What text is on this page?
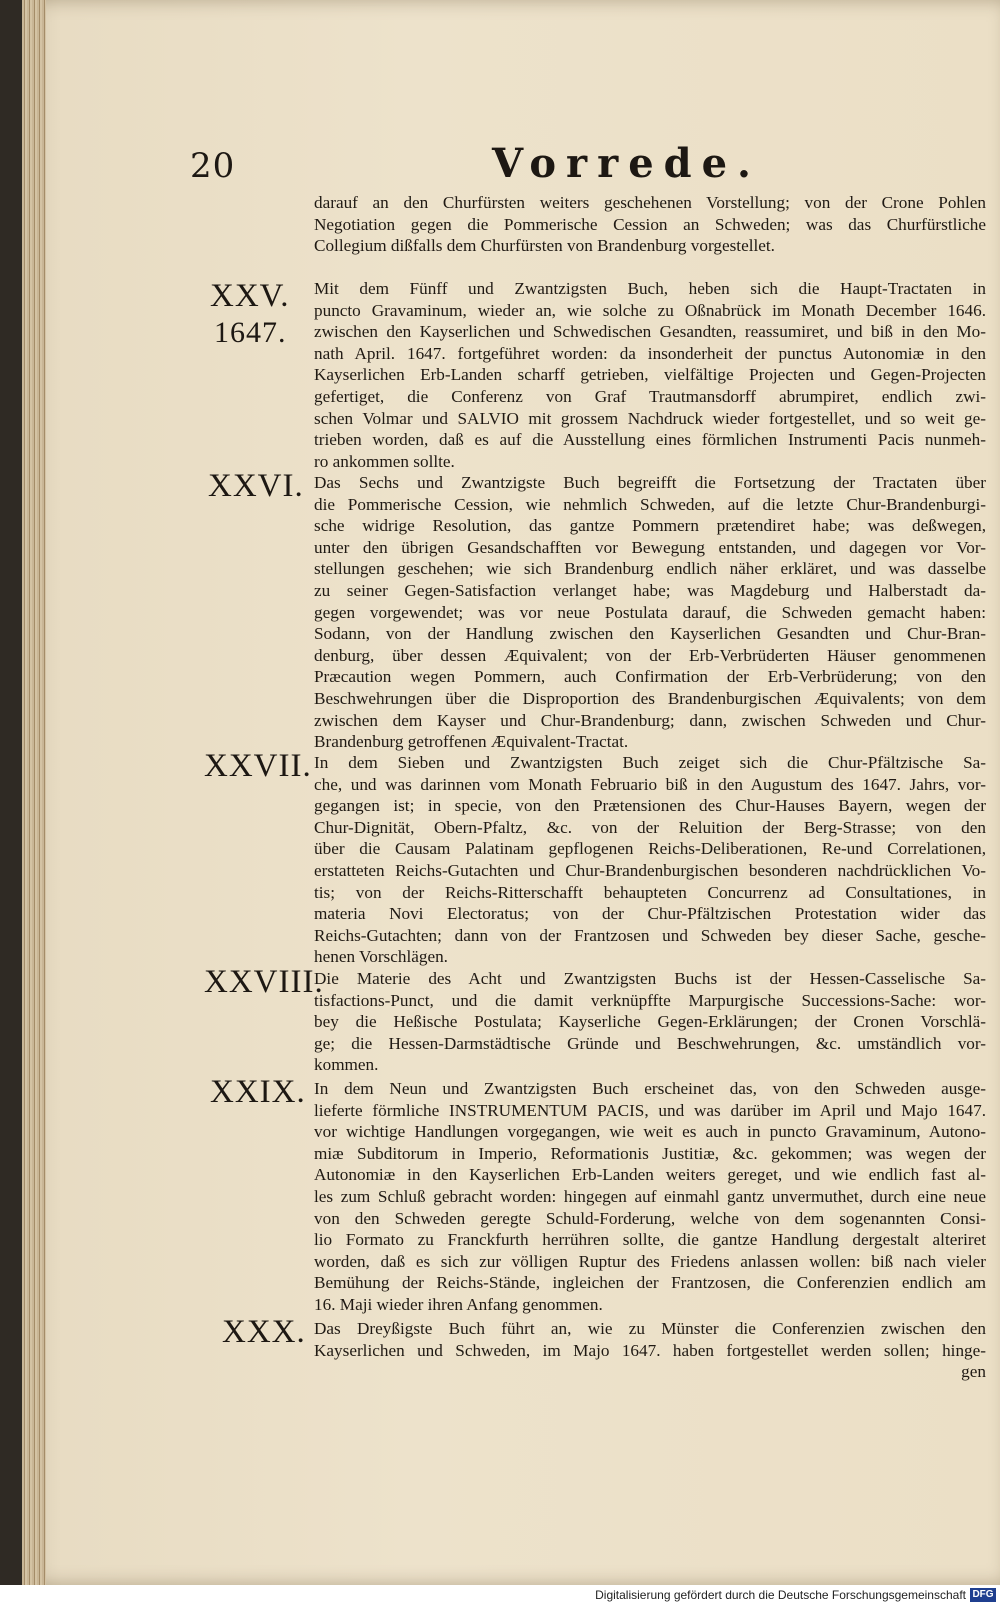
20	Vorrede.
darauf an den Churfürsten weiters geschehenen Vorstellung; von der Crone Pohlen
Negotiation gegen die Pommerische Cession an Schweden; was das Churfürstliche
Collegium dißfalls dem Churfürsten von Brandenburg vorgestellet.
XXV.
1647.
Mit dem Fünff und Zwantzigsten Buch, heben sich die Haupt-Tractaten in
puncto Gravaminum, wieder an, wie solche zu Oßnabrück im Monath December 1646.
zwischen den Kayserlichen und Schwedischen Gesandten, reassumiret, und biß in den Mo-
nath April. 1647. fortgeführet worden: da insonderheit der punctus Autonomiæ in den
Kayserlichen Erb-Landen scharff getrieben, vielfältige Projecten und Gegen-Projecten
gefertiget, die Conferenz von Graf Trautmansdorff abrumpiret, endlich zwi-
schen Volmar und SALVIO mit grossem Nachdruck wieder fortgestellet, und so weit ge-
trieben worden, daß es auf die Ausstellung eines förmlichen Instrumenti Pacis nunmeh-
ro ankommen sollte.
XXVI. Das Sechs und Zwantzigste Buch begreifft die Fortsetzung der Tractaten über
die Pommerische Cession, wie nehmlich Schweden, auf die letzte Chur-Brandenburgi-
sche widrige Resolution, das gantze Pommern prætendiret habe; was deßwegen,
unter den übrigen Gesandschafften vor Bewegung entstanden, und dagegen vor Vor-
stellungen geschehen; wie sich Brandenburg endlich näher erkläret, und was dasselbe
zu seiner Gegen-Satisfaction verlanget habe; was Magdeburg und Halberstadt da-
gegen vorgewendet; was vor neue Postulata darauf, die Schweden gemacht haben:
Sodann, von der Handlung zwischen den Kayserlichen Gesandten und Chur-Bran-
denburg, über dessen Æquivalent; von der Erb-Verbrüderten Häuser genommenen
Præcaution wegen Pommern, auch Confirmation der Erb-Verbrüderung; von den
Beschwehrungen über die Disproportion des Brandenburgischen Æquivalents; von dem
zwischen dem Kayser und Chur-Brandenburg; dann, zwischen Schweden und Chur-
Brandenburg getroffenen Æquivalent-Tractat.
XXVII. In dem Sieben und Zwantzigsten Buch zeiget sich die Chur-Pfältzische Sa-
che, und was darinnen vom Monath Februario biß in den Augustum des 1647. Jahrs, vor-
gegangen ist; in specie, von den Prætensionen des Chur-Hauses Bayern, wegen der
Chur-Dignität, Obern-Pfaltz, &c. von der Reluition der Berg-Strasse; von den
über die Causam Palatinam gepflogenen Reichs-Deliberationen, Re-und Correlationen,
erstatteten Reichs-Gutachten und Chur-Brandenburgischen besonderen nachdrücklichen Vo-
tis; von der Reichs-Ritterschafft behaupteten Concurrenz ad Consultationes, in
materia Novi Electoratus; von der Chur-Pfältzischen Protestation wider das
Reichs-Gutachten; dann von der Frantzosen und Schweden bey dieser Sache, gesche-
henen Vorschlägen.
XXVIII.
Die Materie des Acht und Zwantzigsten Buchs ist der Hessen-Casselische Sa-
tisfactions-Punct, und die damit verknüpffte Marpurgische Successions-Sache: wor-
bey die Heßische Postulata; Kayserliche Gegen-Erklärungen; der Cronen Vorschlä-
ge; die Hessen-Darmstädtische Gründe und Beschwehrungen, &c. umständlich vor-
kommen.
XXIX. In dem Neun und Zwantzigsten Buch erscheinet das, von den Schweden ausge-
lieferte förmliche INSTRUMENTUM PACIS, und was darüber im April und Majo 1647.
vor wichtige Handlungen vorgegangen, wie weit es auch in puncto Gravaminum, Autono-
miæ Subditorum in Imperio, Reformationis Justitiæ, &c. gekommen; was wegen der
Autonomiæ in den Kayserlichen Erb-Landen weiters gereget, und wie endlich fast al-
les zum Schluß gebracht worden: hingegen auf einmahl gantz unvermuthet, durch eine neue
von den Schweden geregte Schuld-Forderung, welche von dem sogenannten Consi-
lio Formato zu Franckfurth herrühren sollte, die gantze Handlung dergestalt alteriret
worden, daß es sich zur völligen Ruptur des Friedens anlassen wollen: biß nach vieler
Bemühung der Reichs-Stände, ingleichen der Frantzosen, die Conferenzien endlich am
16. Maji wieder ihren Anfang genommen.
XXX. Das Dreyßigste Buch führt an, wie zu Münster die Conferenzien zwischen den
Kayserlichen und Schweden, im Majo 1647. haben fortgestellet werden sollen; hinge-
gen
Digitalisierung gefördert durch die Deutsche Forschungsgemeinschaft DFG
